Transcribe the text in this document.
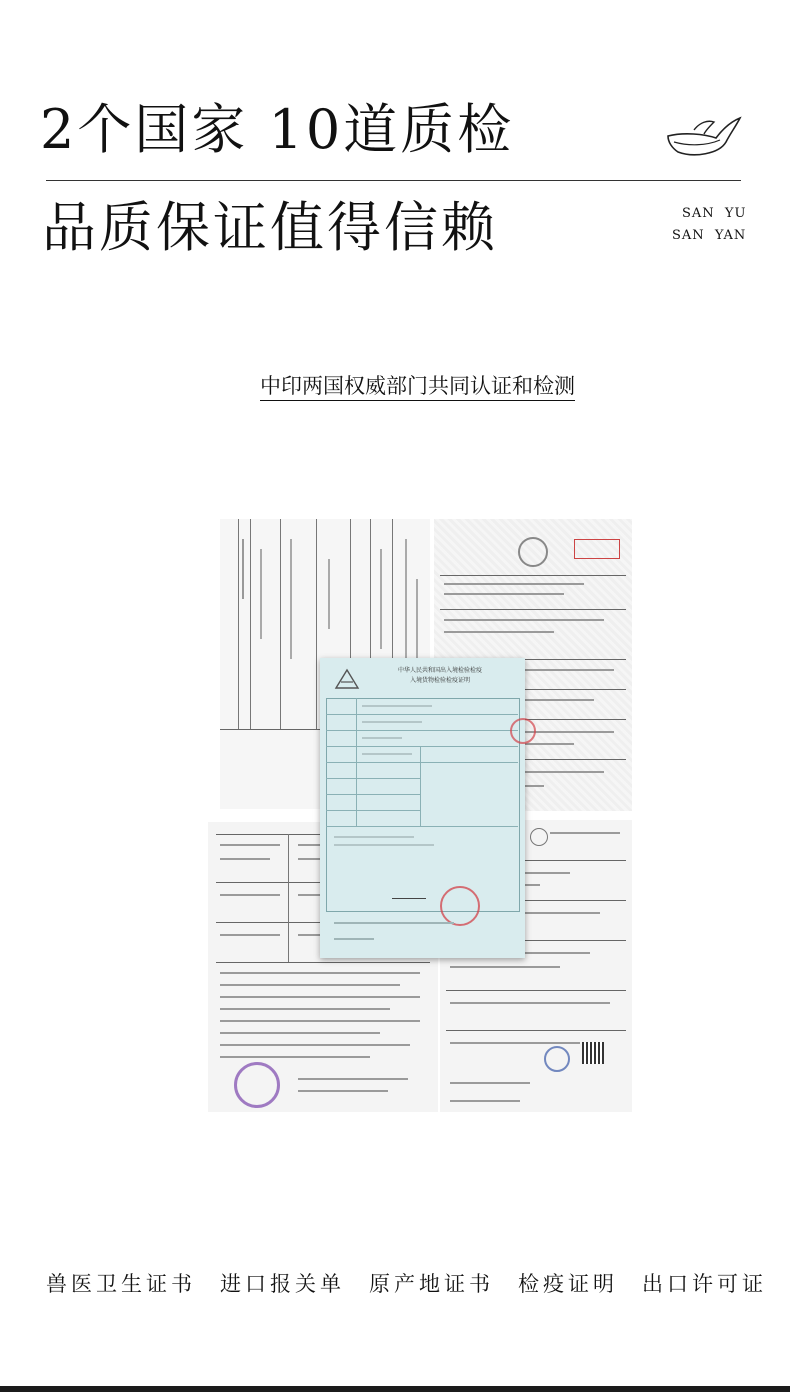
2个国家 10道质检
品质保证值得信赖	SAN  YU
SAN  YAN
中印两国权威部门共同认证和检测
中华人民共和国出入境检验检疫
入境货物检验检疫证明
兽医卫生证书 进口报关单 原产地证书 检疫证明 出口许可证
